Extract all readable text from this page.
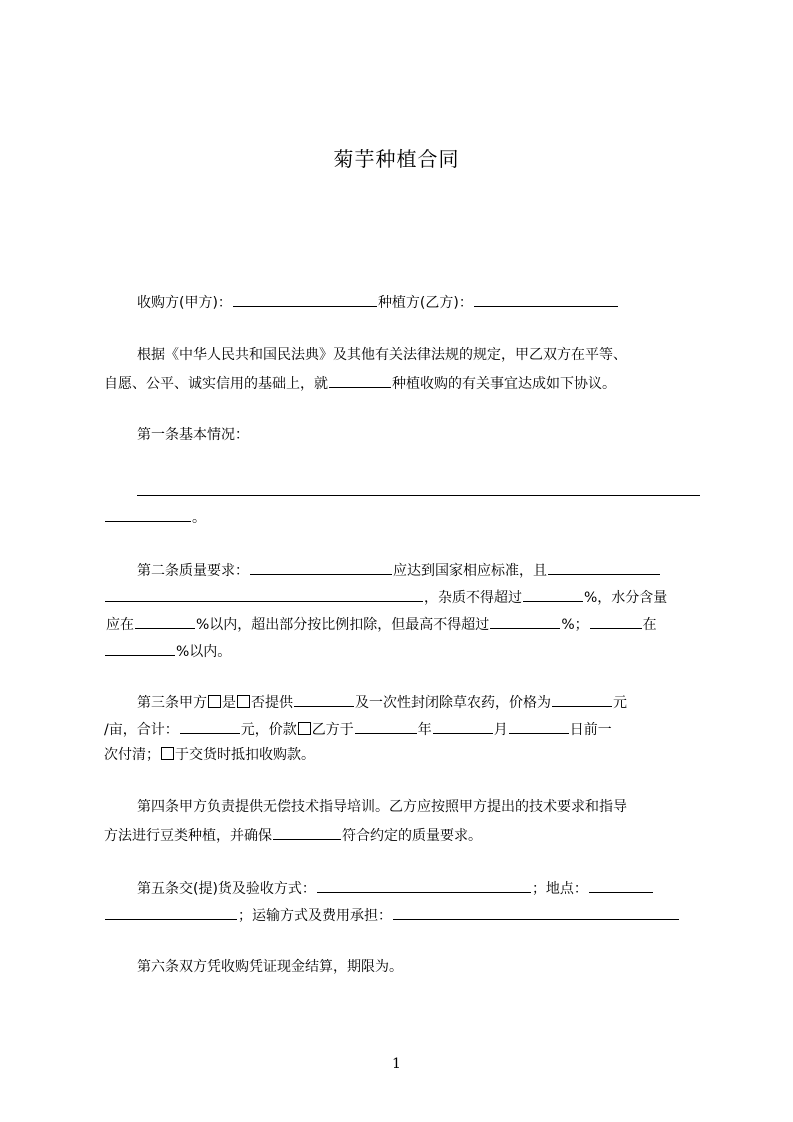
菊芋种植合同
收购方(甲方)：	种植方(乙方)：
根据《中华人民共和国民法典》及其他有关法律法规的规定，甲乙双方在平等、
自愿、公平、诚实信用的基础上，就	种植收购的有关事宜达成如下协议。
第一条基本情况：
。
第二条质量要求：	应达到国家相应标准，且
，杂质不得超过	%，水分含量
应在	%以内，超出部分按比例扣除，但最高不得超过	%；	在
%以内。
第三条甲方 是 否提供	及一次性封闭除草农药，价格为	元
/亩，合计：	元，价款 乙方于	年	月	日前一
次付清； 于交货时抵扣收购款。
第四条甲方负责提供无偿技术指导培训。乙方应按照甲方提出的技术要求和指导
方法进行豆类种植，并确保	符合约定的质量要求。
第五条交(提)货及验收方式：	；地点：
；运输方式及费用承担：
第六条双方凭收购凭证现金结算，期限为。
1
